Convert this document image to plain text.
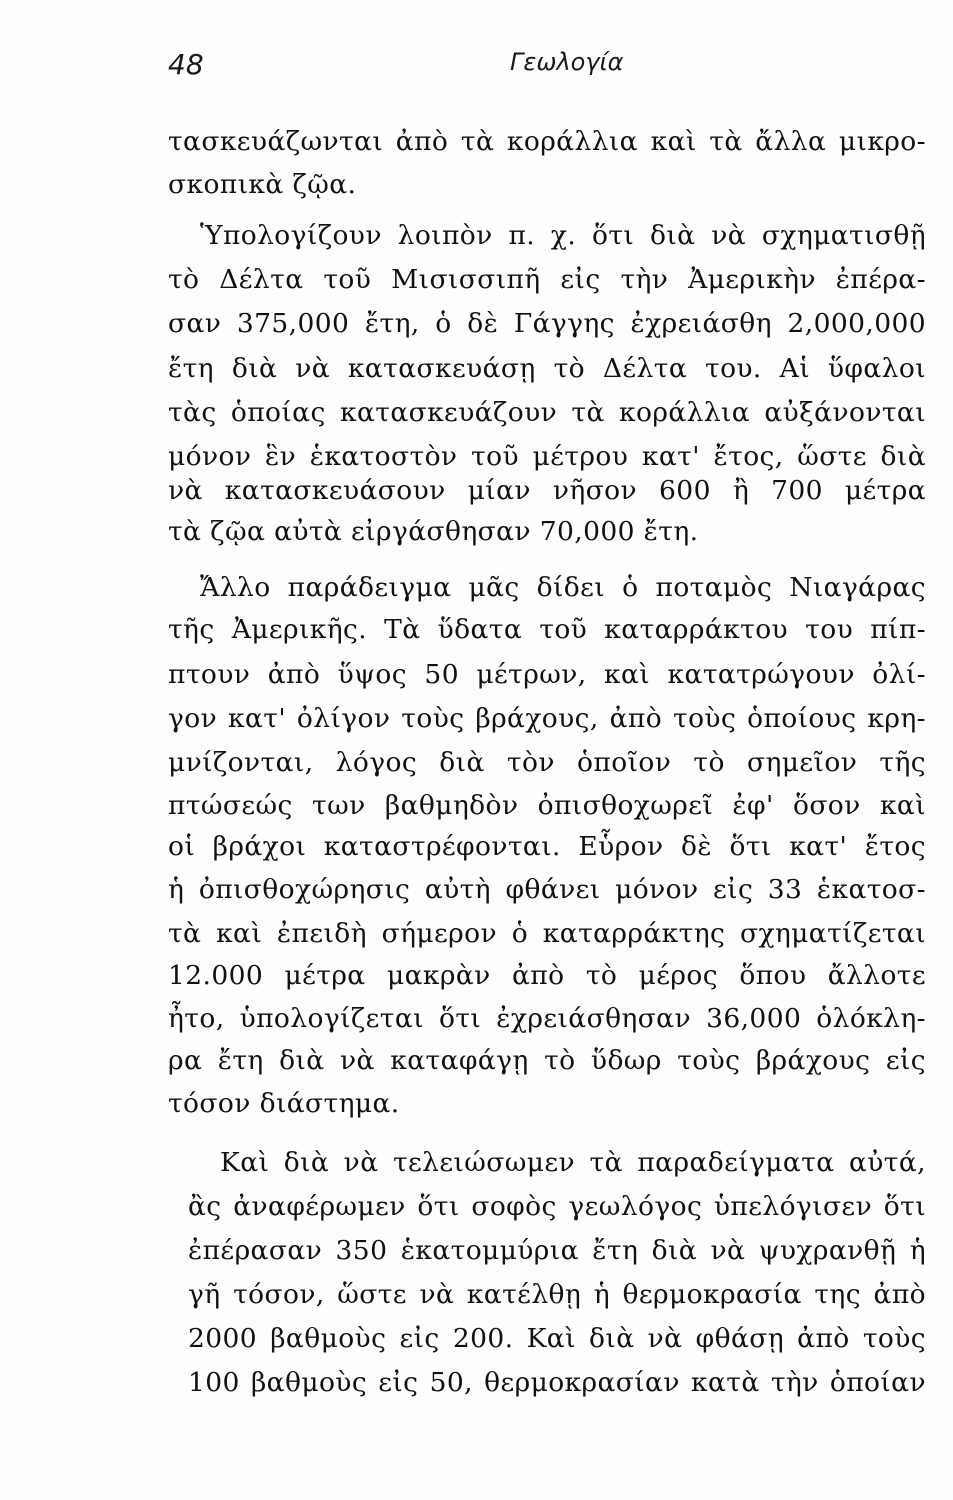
48	Γεωλογία
τασκευάζωνται ἀπὸ τὰ κοράλλια καὶ τὰ ἄλλα μικρο-
σκοπικὰ ζῷα.
Ὑπολογίζουν λοιπὸν π. χ. ὅτι διὰ νὰ σχηματισθῇ
τὸ Δέλτα τοῦ Μισισσιπῆ εἰς τὴν Ἀμερικὴν ἐπέρα-
σαν 375,000 ἔτη, ὁ δὲ Γάγγης ἐχρειάσθη 2,000,000
ἔτη διὰ νὰ κατασκευάσῃ τὸ Δέλτα του. Αἱ ὕφαλοι
τὰς ὁποίας κατασκευάζουν τὰ κοράλλια αὐξάνονται
μόνον ἓν ἑκατοστὸν τοῦ μέτρου κατ' ἔτος, ὥστε διὰ
νὰ κατασκευάσουν μίαν νῆσον 600 ἢ 700 μέτρα
τὰ ζῷα αὐτὰ εἰργάσθησαν 70,000 ἔτη.
Ἄλλο παράδειγμα μᾶς δίδει ὁ ποταμὸς Νιαγάρας
τῆς Ἀμερικῆς. Τὰ ὕδατα τοῦ καταρράκτου του πίπ-
πτουν ἀπὸ ὕψος 50 μέτρων, καὶ κατατρώγουν ὀλί-
γον κατ' ὀλίγον τοὺς βράχους, ἀπὸ τοὺς ὁποίους κρη-
μνίζονται, λόγος διὰ τὸν ὁποῖον τὸ σημεῖον τῆς
πτώσεώς των βαθμηδὸν ὀπισθοχωρεῖ ἐφ' ὅσον καὶ
οἱ βράχοι καταστρέφονται. Εὗρον δὲ ὅτι κατ' ἔτος
ἡ ὀπισθοχώρησις αὐτὴ φθάνει μόνον εἰς 33 ἑκατοσ-
τὰ καὶ ἐπειδὴ σήμερον ὁ καταρράκτης σχηματίζεται
12.000 μέτρα μακρὰν ἀπὸ τὸ μέρος ὅπου ἄλλοτε
ἦτο, ὑπολογίζεται ὅτι ἐχρειάσθησαν 36,000 ὁλόκλη-
ρα ἔτη διὰ νὰ καταφάγῃ τὸ ὕδωρ τοὺς βράχους εἰς
τόσον διάστημα.
Καὶ διὰ νὰ τελειώσωμεν τὰ παραδείγματα αὐτά,
ἂς ἀναφέρωμεν ὅτι σοφὸς γεωλόγος ὑπελόγισεν ὅτι
ἐπέρασαν 350 ἑκατομμύρια ἔτη διὰ νὰ ψυχρανθῇ ἡ
γῆ τόσον, ὥστε νὰ κατέλθῃ ἡ θερμοκρασία της ἀπὸ
2000 βαθμοὺς εἰς 200. Καὶ διὰ νὰ φθάσῃ ἀπὸ τοὺς
100 βαθμοὺς εἰς 50, θερμοκρασίαν κατὰ τὴν ὁποίαν
